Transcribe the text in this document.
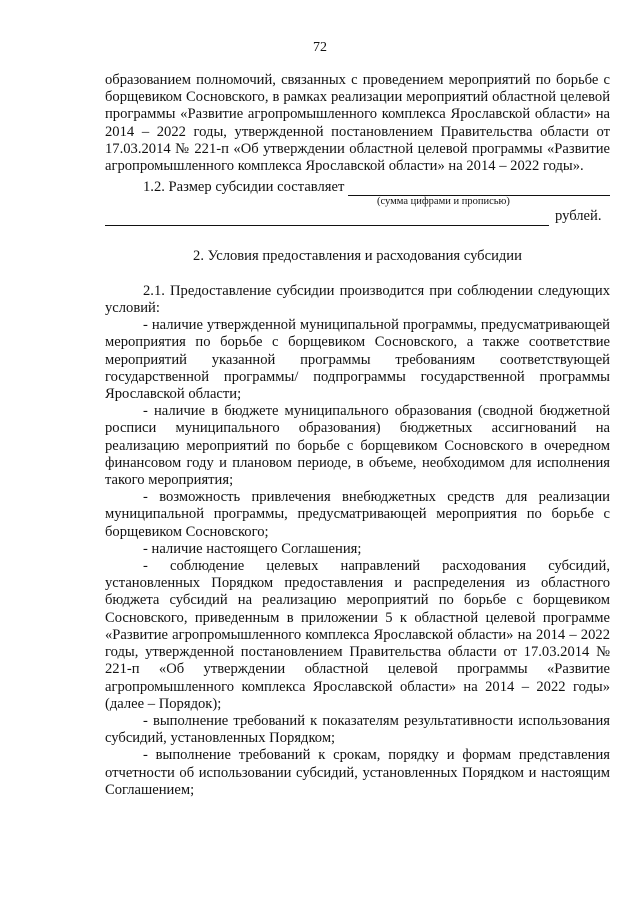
72

образованием полномочий, связанных с проведением мероприятий по борьбе с борщевиком Сосновского, в рамках реализации мероприятий областной целевой программы «Развитие агропромышленного комплекса Ярославской области» на 2014 – 2022 годы, утвержденной постановлением Правительства области от 17.03.2014 № 221-п «Об утверждении областной целевой программы «Развитие агропромышленного комплекса Ярославской области» на 2014 – 2022 годы».

1.2. Размер субсидии составляет
(сумма цифрами и прописью)
рублей.

2. Условия предоставления и расходования субсидии

2.1. Предоставление субсидии производится при соблюдении следующих условий:

- наличие утвержденной муниципальной программы, предусматривающей мероприятия по борьбе с борщевиком Сосновского, а также соответствие мероприятий указанной программы требованиям соответствующей государственной программы/ подпрограммы государственной программы Ярославской области;

- наличие в бюджете муниципального образования (сводной бюджетной росписи муниципального образования) бюджетных ассигнований на реализацию мероприятий по борьбе с борщевиком Сосновского в очередном финансовом году и плановом периоде, в объеме, необходимом для исполнения такого мероприятия;

- возможность привлечения внебюджетных средств для реализации муниципальной программы, предусматривающей мероприятия по борьбе с борщевиком Сосновского;

- наличие настоящего Соглашения;

- соблюдение целевых направлений расходования субсидий, установленных Порядком предоставления и распределения из областного бюджета субсидий на реализацию мероприятий по борьбе с борщевиком Сосновского, приведенным в приложении 5 к областной целевой программе «Развитие агропромышленного комплекса Ярославской области» на 2014 – 2022 годы, утвержденной постановлением Правительства области от 17.03.2014 № 221-п «Об утверждении областной целевой программы «Развитие агропромышленного комплекса Ярославской области» на 2014 – 2022 годы» (далее – Порядок);

- выполнение требований к показателям результативности использования субсидий, установленных Порядком;

- выполнение требований к срокам, порядку и формам представления отчетности об использовании субсидий, установленных Порядком и настоящим Соглашением;
